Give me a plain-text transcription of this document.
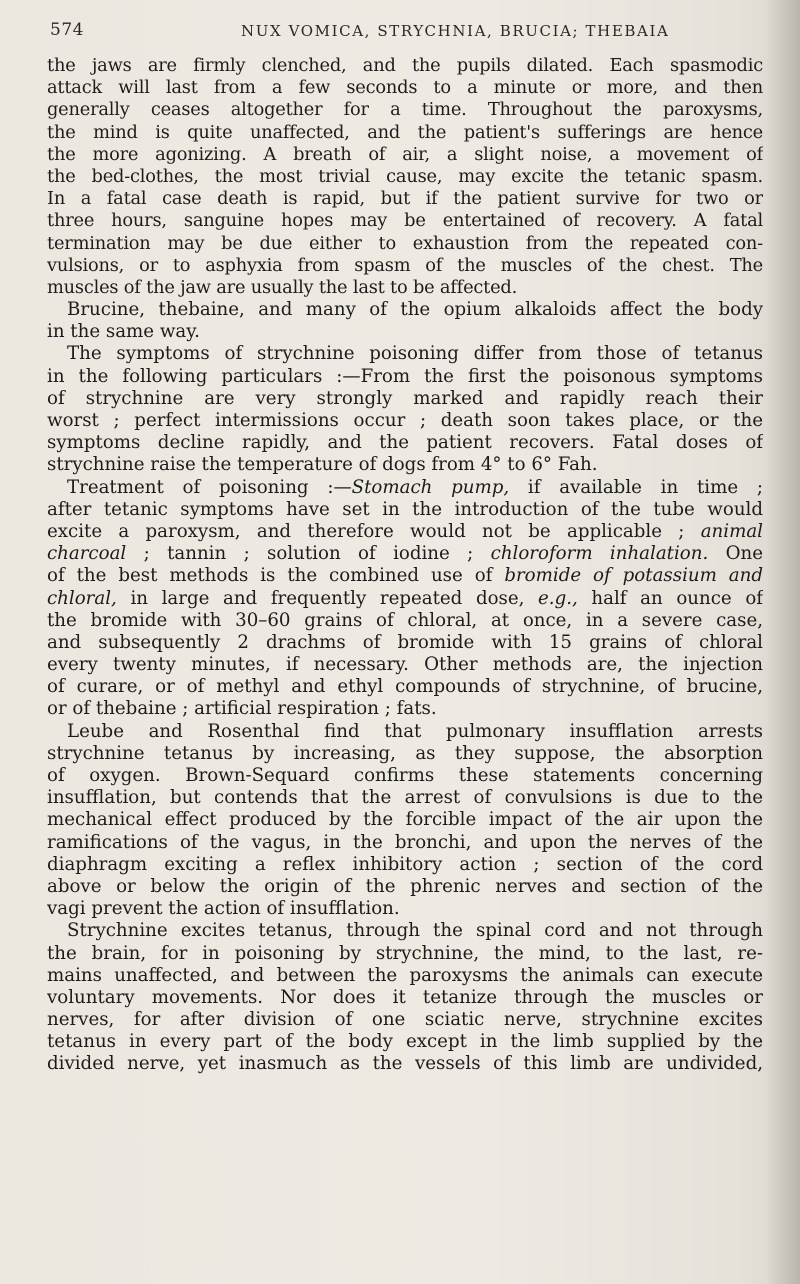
574	NUX VOMICA, STRYCHNIA, BRUCIA; THEBAIA
the jaws are firmly clenched, and the pupils dilated. Each spasmodic
attack will last from a few seconds to a minute or more, and then
generally ceases altogether for a time. Throughout the paroxysms,
the mind is quite unaffected, and the patient's sufferings are hence
the more agonizing. A breath of air, a slight noise, a movement of
the bed-clothes, the most trivial cause, may excite the tetanic spasm.
In a fatal case death is rapid, but if the patient survive for two or
three hours, sanguine hopes may be entertained of recovery. A fatal
termination may be due either to exhaustion from the repeated con-
vulsions, or to asphyxia from spasm of the muscles of the chest. The
muscles of the jaw are usually the last to be affected.
Brucine, thebaine, and many of the opium alkaloids affect the body
in the same way.
The symptoms of strychnine poisoning differ from those of tetanus
in the following particulars :—From the first the poisonous symptoms
of strychnine are very strongly marked and rapidly reach their
worst ; perfect intermissions occur ; death soon takes place, or the
symptoms decline rapidly, and the patient recovers. Fatal doses of
strychnine raise the temperature of dogs from 4° to 6° Fah.
Treatment of poisoning :—Stomach pump, if available in time ;
after tetanic symptoms have set in the introduction of the tube would
excite a paroxysm, and therefore would not be applicable ; animal
charcoal ; tannin ; solution of iodine ; chloroform inhalation. One
of the best methods is the combined use of bromide of potassium and
chloral, in large and frequently repeated dose, e.g., half an ounce of
the bromide with 30–60 grains of chloral, at once, in a severe case,
and subsequently 2 drachms of bromide with 15 grains of chloral
every twenty minutes, if necessary. Other methods are, the injection
of curare, or of methyl and ethyl compounds of strychnine, of brucine,
or of thebaine ; artificial respiration ; fats.
Leube and Rosenthal find that pulmonary insufflation arrests
strychnine tetanus by increasing, as they suppose, the absorption
of oxygen. Brown-Sequard confirms these statements concerning
insufflation, but contends that the arrest of convulsions is due to the
mechanical effect produced by the forcible impact of the air upon the
ramifications of the vagus, in the bronchi, and upon the nerves of the
diaphragm exciting a reflex inhibitory action ; section of the cord
above or below the origin of the phrenic nerves and section of the
vagi prevent the action of insufflation.
Strychnine excites tetanus, through the spinal cord and not through
the brain, for in poisoning by strychnine, the mind, to the last, re-
mains unaffected, and between the paroxysms the animals can execute
voluntary movements. Nor does it tetanize through the muscles or
nerves, for after division of one sciatic nerve, strychnine excites
tetanus in every part of the body except in the limb supplied by the
divided nerve, yet inasmuch as the vessels of this limb are undivided,
